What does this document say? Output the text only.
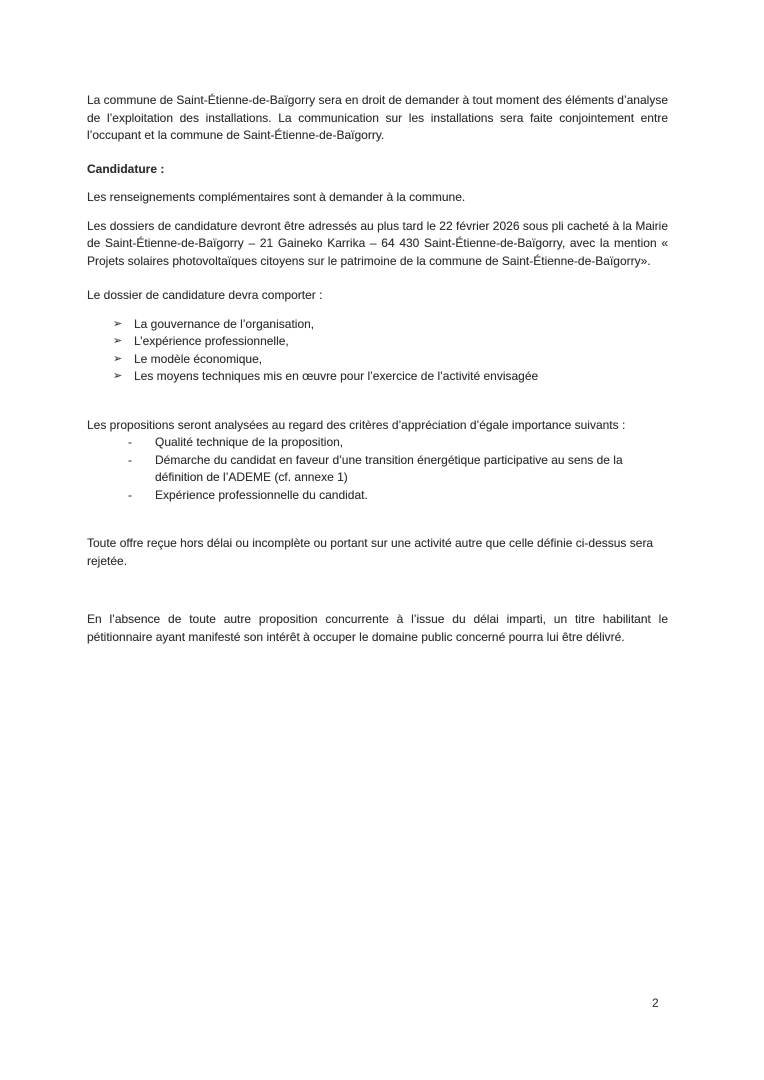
La commune de Saint-Étienne-de-Baïgorry sera en droit de demander à tout moment des éléments d’analyse de l’exploitation des installations. La communication sur les installations sera faite conjointement entre l’occupant et la commune de Saint-Étienne-de-Baïgorry.

Candidature :

Les renseignements complémentaires sont à demander à la commune.

Les dossiers de candidature devront être adressés au plus tard le 22 février 2026 sous pli cacheté à la Mairie de Saint-Étienne-de-Baïgorry – 21 Gaineko Karrika – 64 430 Saint-Étienne-de-Baïgorry, avec la mention « Projets solaires photovoltaïques citoyens sur le patrimoine de la commune de Saint-Étienne-de-Baïgorry».

Le dossier de candidature devra comporter :

➢ La gouvernance de l’organisation,
➢ L’expérience professionnelle,
➢ Le modèle économique,
➢ Les moyens techniques mis en œuvre pour l’exercice de l’activité envisagée

Les propositions seront analysées au regard des critères d’appréciation d’égale importance suivants :

-	Qualité technique de la proposition,
-	Démarche du candidat en faveur d’une transition énergétique participative au sens de la définition de l’ADEME (cf. annexe 1)
-	Expérience professionnelle du candidat.

Toute offre reçue hors délai ou incomplète ou portant sur une activité autre que celle définie ci-dessus sera rejetée.

En l’absence de toute autre proposition concurrente à l’issue du délai imparti, un titre habilitant le pétitionnaire ayant manifesté son intérêt à occuper le domaine public concerné pourra lui être délivré.

2
